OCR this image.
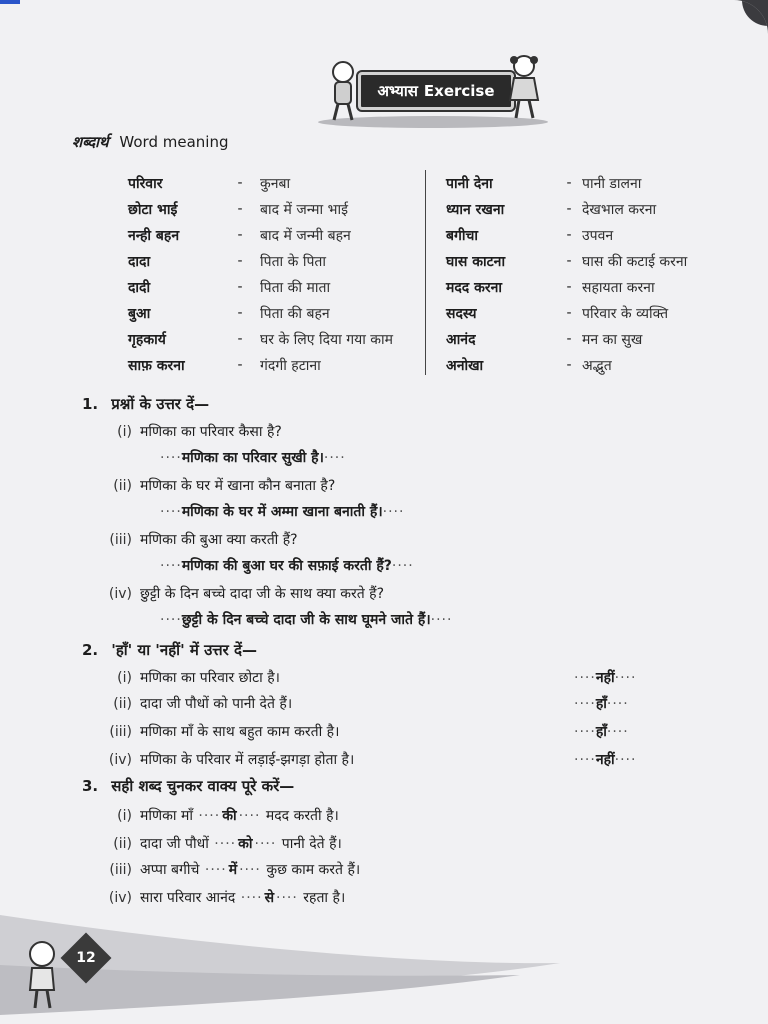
अभ्यास Exercise
शब्दार्थ Word meaning
परिवार	-	कुनबा
छोटा भाई	-	बाद में जन्मा भाई
नन्ही बहन	-	बाद में जन्मी बहन
दादा	-	पिता के पिता
दादी	-	पिता की माता
बुआ	-	पिता की बहन
गृहकार्य	-	घर के लिए दिया गया काम
साफ़ करना	-	गंदगी हटाना
पानी देना	- पानी डालना
ध्यान रखना	- देखभाल करना
बगीचा	- उपवन
घास काटना	- घास की कटाई करना
मदद करना	- सहायता करना
सदस्य	- परिवार के व्यक्ति
आनंद	- मन का सुख
अनोखा	- अद्भुत
1. प्रश्नों के उत्तर दें—
(i) मणिका का परिवार कैसा है?
····मणिका का परिवार सुखी है।····
(ii) मणिका के घर में खाना कौन बनाता है?
····मणिका के घर में अम्मा खाना बनाती हैं।····
(iii) मणिका की बुआ क्या करती हैं?
····मणिका की बुआ घर की सफ़ाई करती हैं?····
(iv) छुट्टी के दिन बच्चे दादा जी के साथ क्या करते हैं?
····छुट्टी के दिन बच्चे दादा जी के साथ घूमने जाते हैं।····
2. 'हाँ' या 'नहीं' में उत्तर दें—
(i) मणिका का परिवार छोटा है।	····नहीं····
(ii) दादा जी पौधों को पानी देते हैं।	····हाँ····
(iii) मणिका माँ के साथ बहुत काम करती है।	····हाँ····
(iv) मणिका के परिवार में लड़ाई-झगड़ा होता है।	····नहीं····
3. सही शब्द चुनकर वाक्य पूरे करें—
(i) मणिका माँ ···· की ···· मदद करती है।
(ii) दादा जी पौधों ···· को ···· पानी देते हैं।
(iii) अप्पा बगीचे ···· में ···· कुछ काम करते हैं।
(iv) सारा परिवार आनंद ···· से ···· रहता है।
12
